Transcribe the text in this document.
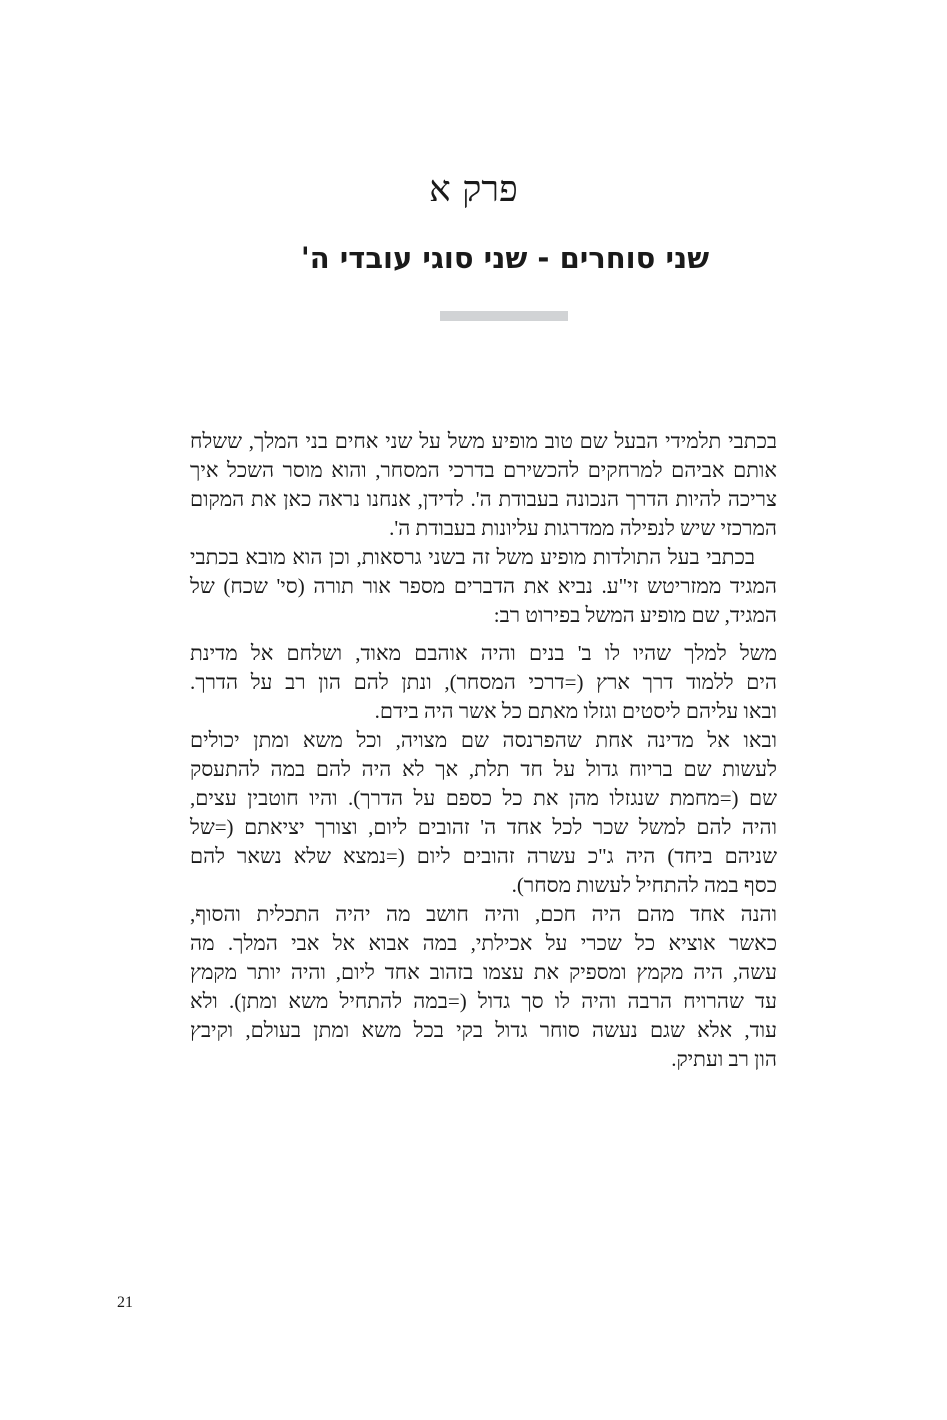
פרק א
שני סוחרים - שני סוגי עובדי ה'
בכתבי תלמידי הבעל שם טוב מופיע משל על שני אחים בני המלך, ששלח
אותם אביהם למרחקים להכשירם בדרכי המסחר, והוא מוסר השכל איך
צריכה להיות הדרך הנכונה בעבודת ה'. לדידן, אנחנו נראה כאן את המקום
המרכזי שיש לנפילה ממדרגות עליונות בעבודת ה'.
בכתבי בעל התולדות מופיע משל זה בשני גרסאות, וכן הוא מובא בכתבי
המגיד ממזריטש זי"ע. נביא את הדברים מספר אור תורה (סי' שכח) של
המגיד, שם מופיע המשל בפירוט רב:
משל למלך שהיו לו ב' בנים והיה אוהבם מאוד, ושלחם אל מדינת
הים ללמוד דרך ארץ (=דרכי המסחר), ונתן להם הון רב על הדרך.
ובאו עליהם ליסטים וגזלו מאתם כל אשר היה בידם.
ובאו אל מדינה אחת שהפרנסה שם מצויה, וכל משא ומתן יכולים
לעשות שם בריוח גדול על חד תלת, אך לא היה להם במה להתעסק
שם (=מחמת שנגזלו מהן את כל כספם על הדרך). והיו חוטבין עצים,
והיה להם למשל שכר לכל אחד ה' זהובים ליום, וצורך יציאתם (=של
שניהם ביחד) היה ג"כ עשרה זהובים ליום (=נמצא שלא נשאר להם
כסף במה להתחיל לעשות מסחר).
והנה אחד מהם היה חכם, והיה חושב מה יהיה התכלית והסוף,
כאשר אוציא כל שכרי על אכילתי, במה אבוא אל אבי המלך. מה
עשה, היה מקמץ ומספיק את עצמו בזהוב אחד ליום, והיה יותר מקמץ
עד שהרויח הרבה והיה לו סך גדול (=במה להתחיל משא ומתן). ולא
עוד, אלא שגם נעשה סוחר גדול בקי בכל משא ומתן בעולם, וקיבץ
הון רב ועתיק.
21
